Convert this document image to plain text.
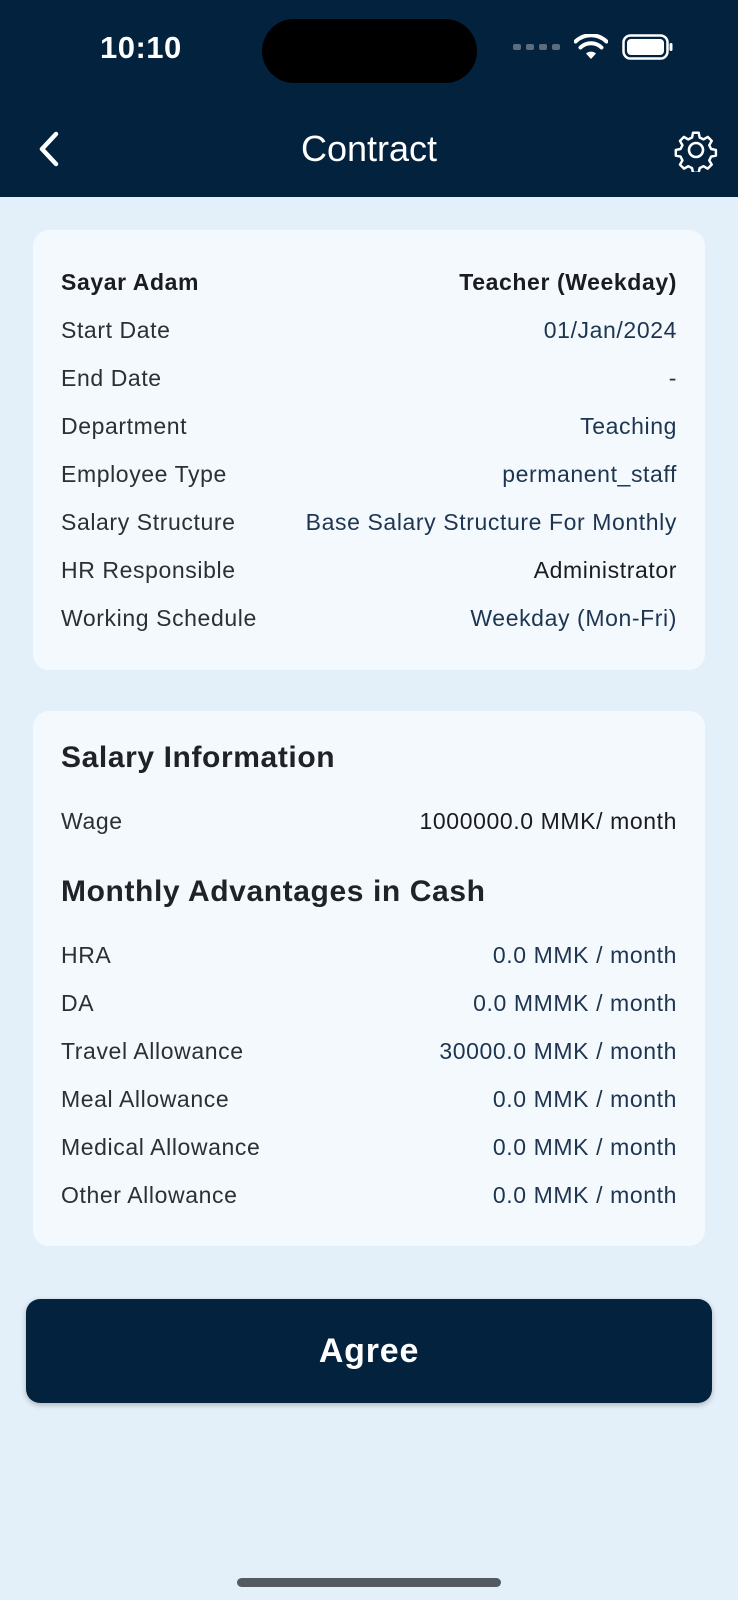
10:10
Contract
Sayar Adam	Teacher (Weekday)
Start Date	01/Jan/2024
End Date	-
Department	Teaching
Employee Type	permanent_staff
Salary Structure	Base Salary Structure For Monthly
HR Responsible	Administrator
Working Schedule	Weekday (Mon-Fri)
Salary Information
Wage	1000000.0 MMK/ month
Monthly Advantages in Cash
HRA	0.0 MMK / month
DA	0.0 MMMK / month
Travel Allowance	30000.0 MMK / month
Meal Allowance	0.0 MMK / month
Medical Allowance	0.0 MMK / month
Other Allowance	0.0 MMK / month
Agree
